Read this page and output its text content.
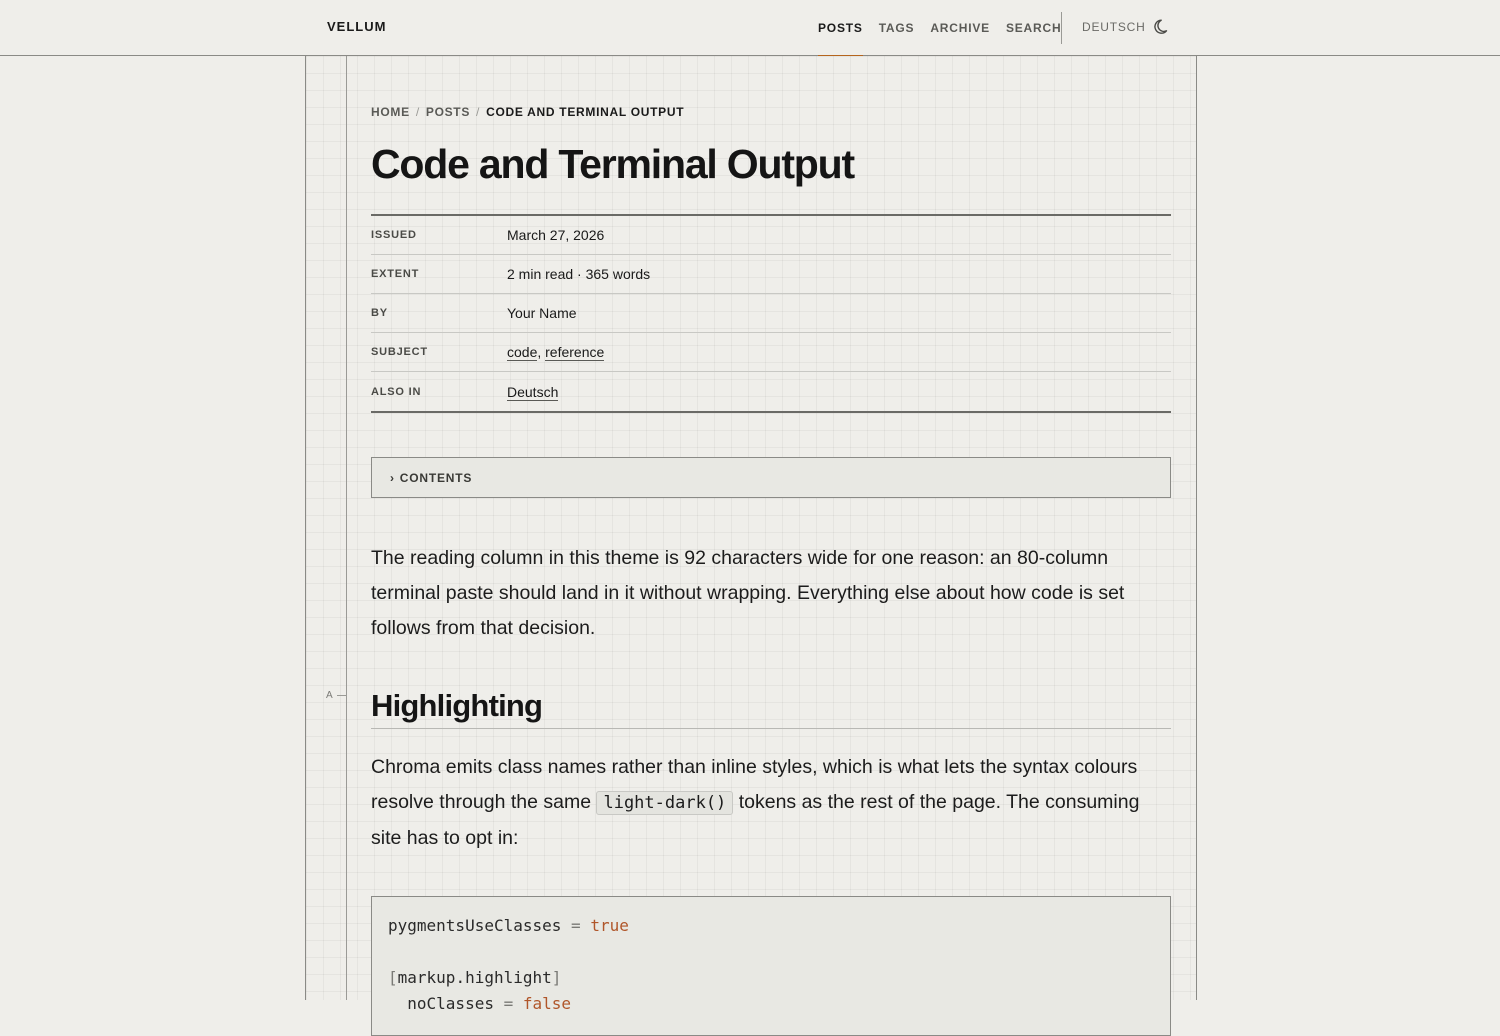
VELLUM	POSTS TAGS ARCHIVE SEARCH DEUTSCH
A
HOME / POSTS / CODE AND TERMINAL OUTPUT
Code and Terminal Output
ISSUED	March 27, 2026
EXTENT	2 min read · 365 words
BY	Your Name
SUBJECT	code, reference
ALSO IN	Deutsch
› CONTENTS

The reading column in this theme is 92 characters wide for one reason: an 80-column terminal paste should land in it without wrapping. Everything else about how code is set follows from that decision.

Highlighting

Chroma emits class names rather than inline styles, which is what lets the syntax colours resolve through the same light-dark() tokens as the rest of the page. The consuming site has to opt in:

pygmentsUseClasses = true

[markup.highlight]
noClasses = false
